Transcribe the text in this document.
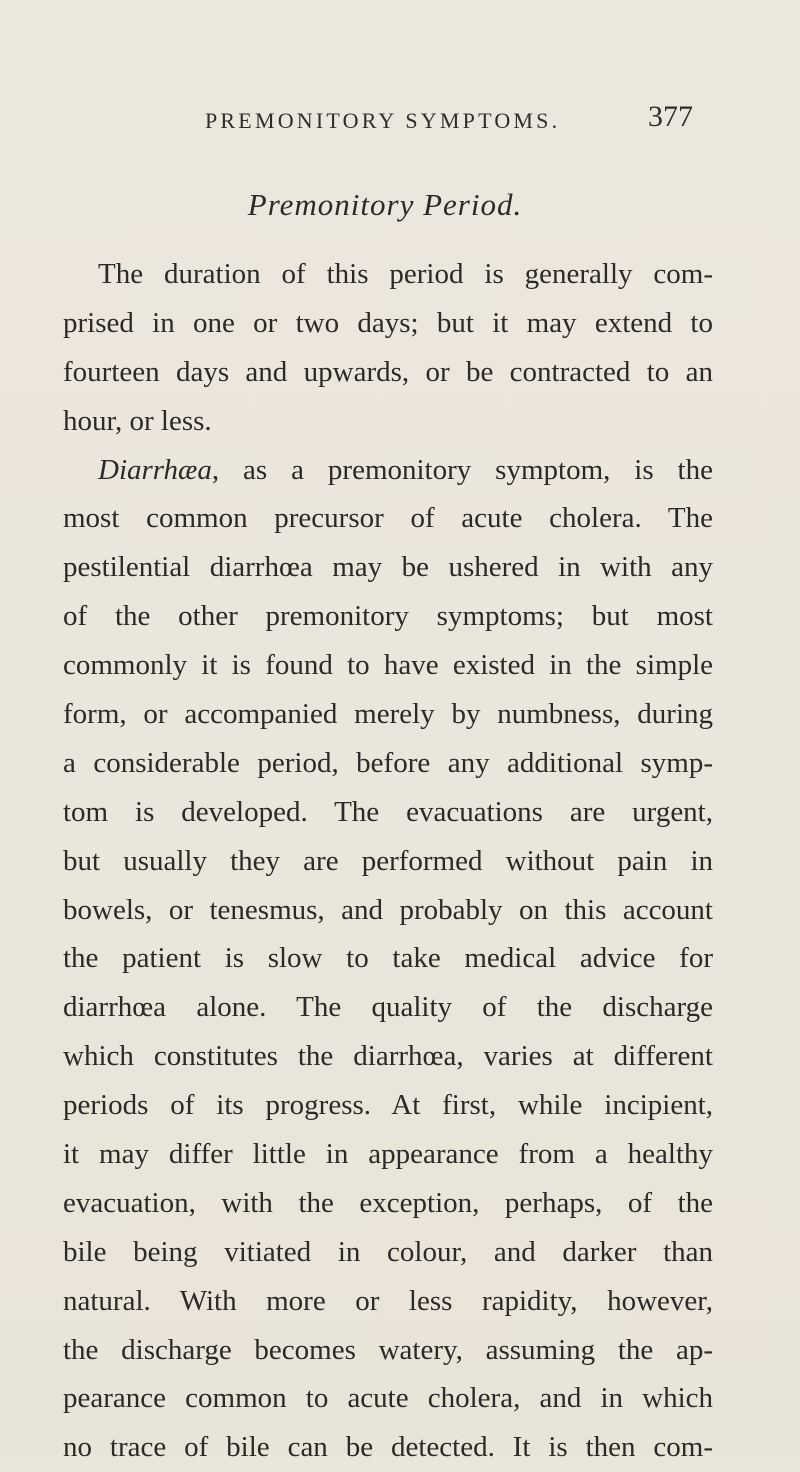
PREMONITORY SYMPTOMS.	377
Premonitory Period.
The duration of this period is generally com-
prised in one or two days; but it may extend to
fourteen days and upwards, or be contracted to an
hour, or less.
Diarrhæa, as a premonitory symptom, is the
most common precursor of acute cholera. The
pestilential diarrhœa may be ushered in with any
of the other premonitory symptoms; but most
commonly it is found to have existed in the simple
form, or accompanied merely by numbness, during
a considerable period, before any additional symp-
tom is developed. The evacuations are urgent,
but usually they are performed without pain in
bowels, or tenesmus, and probably on this account
the patient is slow to take medical advice for
diarrhœa alone. The quality of the discharge
which constitutes the diarrhœa, varies at different
periods of its progress. At first, while incipient,
it may differ little in appearance from a healthy
evacuation, with the exception, perhaps, of the
bile being vitiated in colour, and darker than
natural. With more or less rapidity, however,
the discharge becomes watery, assuming the ap-
pearance common to acute cholera, and in which
no trace of bile can be detected. It is then com-
